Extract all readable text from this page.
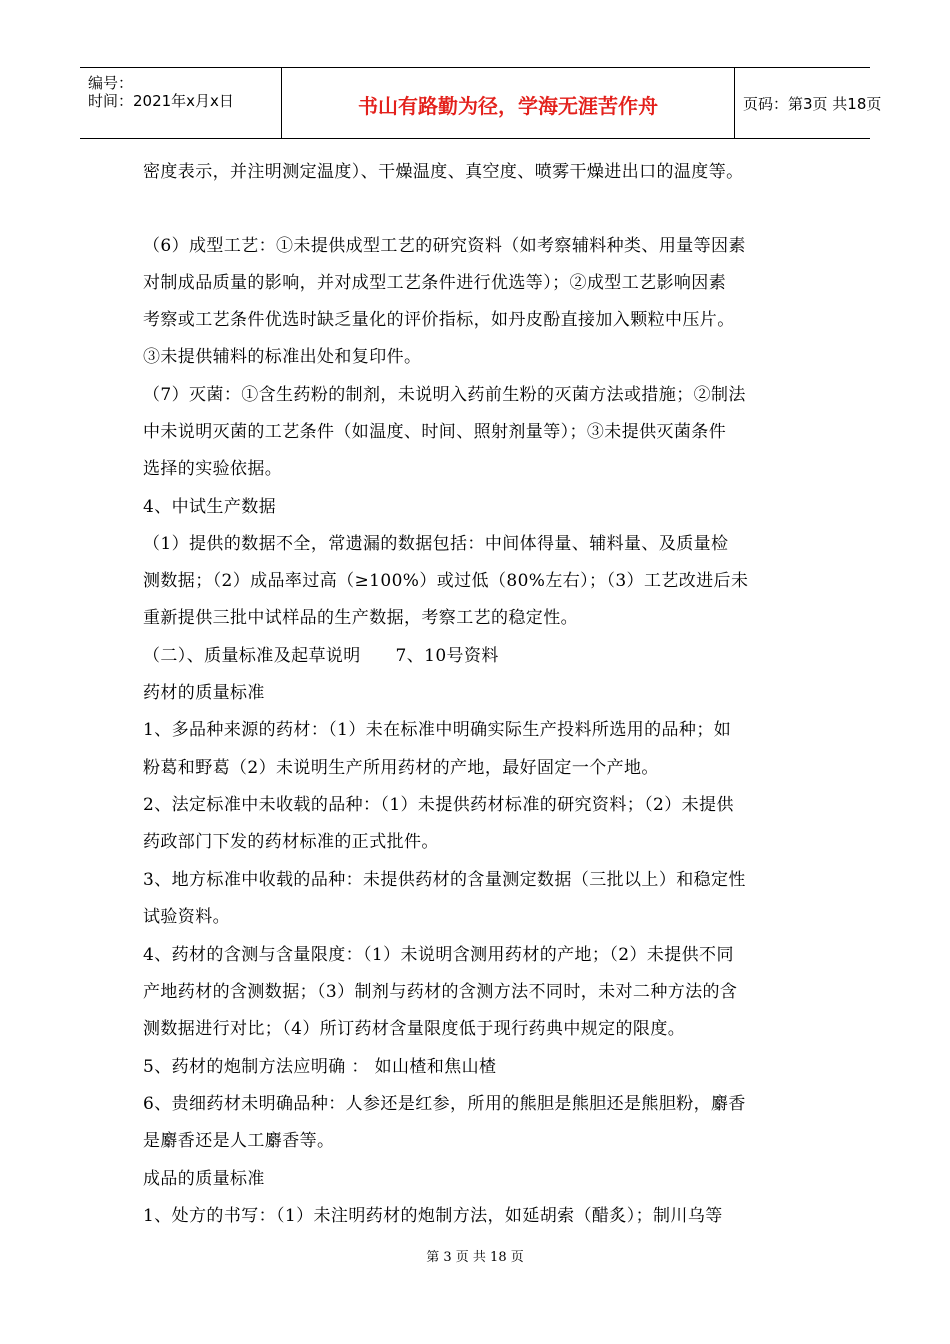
编号：
时间：2021年x月x日	书山有路勤为径，学海无涯苦作舟	页码：第3页 共18页
密度表示，并注明测定温度）、干燥温度、真空度、喷雾干燥进出口的温度等。
（6）成型工艺：①未提供成型工艺的研究资料（如考察辅料种类、用量等因素
对制成品质量的影响，并对成型工艺条件进行优选等）；②成型工艺影响因素
考察或工艺条件优选时缺乏量化的评价指标，如丹皮酚直接加入颗粒中压片。
③未提供辅料的标准出处和复印件。
（7）灭菌：①含生药粉的制剂，未说明入药前生粉的灭菌方法或措施；②制法
中未说明灭菌的工艺条件（如温度、时间、照射剂量等）；③未提供灭菌条件
选择的实验依据。
4、中试生产数据
（1）提供的数据不全，常遗漏的数据包括：中间体得量、辅料量、及质量检
测数据；（2）成品率过高（≥100%）或过低（80%左右）；（3）工艺改进后未
重新提供三批中试样品的生产数据，考察工艺的稳定性。
（二）、质量标准及起草说明　　7、10号资料
药材的质量标准
1、多品种来源的药材：（1）未在标准中明确实际生产投料所选用的品种；如
粉葛和野葛（2）未说明生产所用药材的产地，最好固定一个产地。
2、法定标准中未收载的品种：（1）未提供药材标准的研究资料；（2）未提供
药政部门下发的药材标准的正式批件。
3、地方标准中收载的品种：未提供药材的含量测定数据（三批以上）和稳定性
试验资料。
4、药材的含测与含量限度：（1）未说明含测用药材的产地；（2）未提供不同
产地药材的含测数据；（3）制剂与药材的含测方法不同时，未对二种方法的含
测数据进行对比；（4）所订药材含量限度低于现行药典中规定的限度。
5、药材的炮制方法应明确 ： 如山楂和焦山楂
6、贵细药材未明确品种：人参还是红参，所用的熊胆是熊胆还是熊胆粉，麝香
是麝香还是人工麝香等。
成品的质量标准
1、处方的书写：（1）未注明药材的炮制方法，如延胡索（醋炙）；制川乌等
第 3 页 共 18 页
